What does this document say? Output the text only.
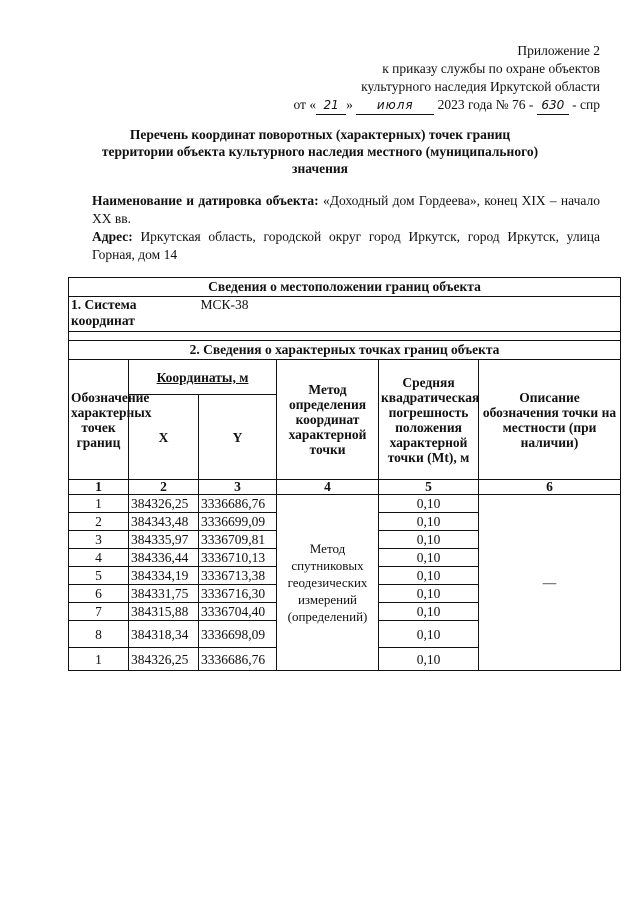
Приложение 2
к приказу службы по охране объектов
культурного наследия Иркутской области
от « 21 » июля 2023 года № 76 - 630 - спр
Перечень координат поворотных (характерных) точек границ
территории объекта культурного наследия местного (муниципального)
значения

Наименование и датировка объекта: «Доходный дом Гордеева», конец XIX – начало XX вв.

Адрес: Иркутская область, городской округ город Иркутск, город Иркутск, улица Горная, дом 14

Сведения о местоположении границ объекта					
1. Система координат		МСК-38			

2. Сведения о характерных точках границ объекта					
Обозначение характерных точек границ	Координаты, м		Метод определения координат характерной точки	Средняя квадратическая погрешность положения характерной точки (Mt), м	Описание обозначения точки на местности (при наличии)
	X	Y			
1	2	3	4	5	6
1	384326,25	3336686,76	Метод спутниковых геодезических измерений (определений)	0,10	—
2	384343,48	3336699,09		0,10	
3	384335,97	3336709,81		0,10	
4	384336,44	3336710,13		0,10	
5	384334,19	3336713,38		0,10	
6	384331,75	3336716,30		0,10	
7	384315,88	3336704,40		0,10	
8	384318,34	3336698,09		0,10	
1	384326,25	3336686,76		0,10	
